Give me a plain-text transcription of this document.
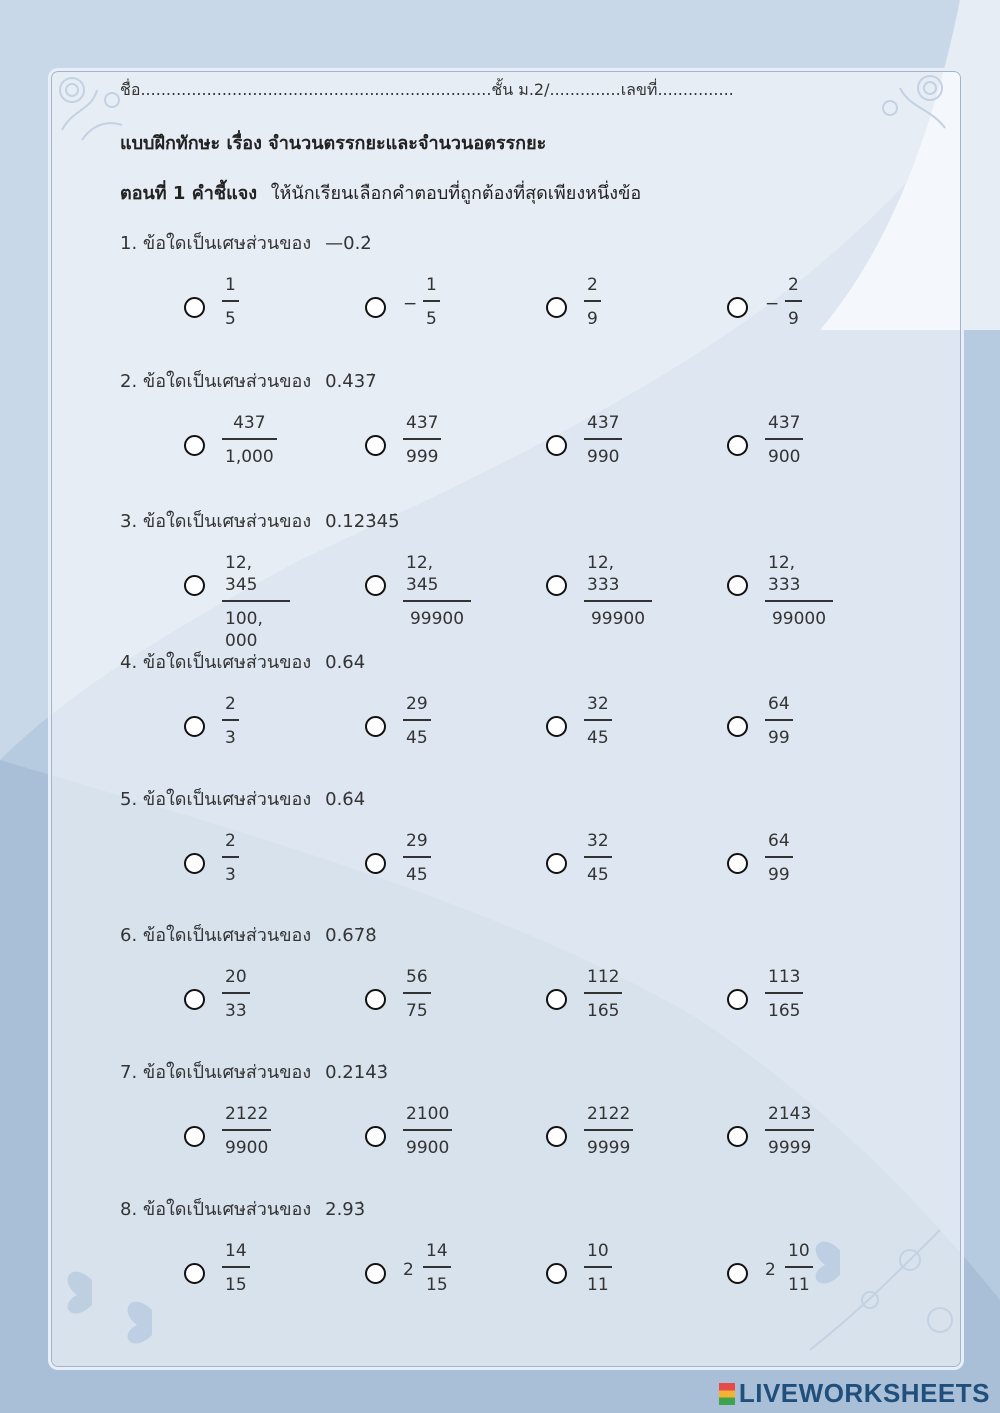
ชื่อ.....................................................................ชั้น ม.2/..............เลขที่...............
แบบฝึกทักษะ เรื่อง จำนวนตรรกยะและจำนวนอตรรกยะ
ตอนที่ 1 คำชี้แจง ให้นักเรียนเลือกคำตอบที่ถูกต้องที่สุดเพียงหนึ่งข้อ
1. ข้อใดเป็นเศษส่วนของ —0.2̇
1
5
−
1
5
2
9
−
2
9
2. ข้อใดเป็นเศษส่วนของ 0.4̇37̇
437
1,000
437
999
437
990
437
900
3. ข้อใดเป็นเศษส่วนของ 0.123̇45̇
12, 345
100, 000
12, 345
99900
12, 333
99900
12, 333
99000
4. ข้อใดเป็นเศษส่วนของ 0.64̇
2
3
29
45
32
45
64
99
5. ข้อใดเป็นเศษส่วนของ 0.6̇4̇
2
3
29
45
32
45
64
99
6. ข้อใดเป็นเศษส่วนของ 0.67̇8̇
20
33
56
75
112
165
113
165
7. ข้อใดเป็นเศษส่วนของ 0.214̇3̇
2122
9900
2100
9900
2122
9999
2143
9999
8. ข้อใดเป็นเศษส่วนของ 2.93̇
14
15
2
14
15
10
11
2
10
11
LIVEWORKSHEETS
